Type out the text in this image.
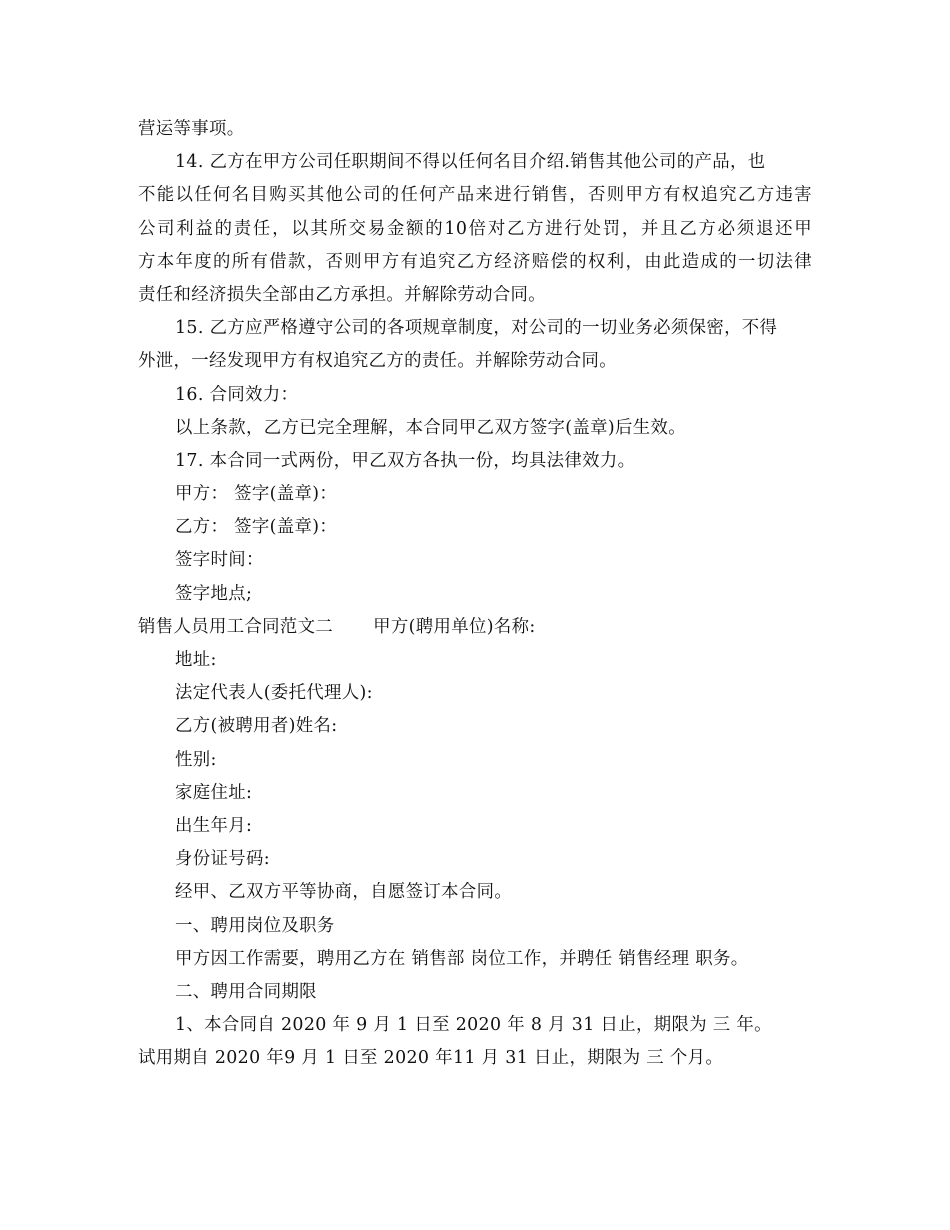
营运等事项。
14. 乙方在甲方公司任职期间不得以任何名目介绍.销售其他公司的产品，也
不能以任何名目购买其他公司的任何产品来进行销售，否则甲方有权追究乙方违害
公司利益的责任，以其所交易金额的10倍对乙方进行处罚，并且乙方必须退还甲
方本年度的所有借款，否则甲方有追究乙方经济赔偿的权利，由此造成的一切法律
责任和经济损失全部由乙方承担。并解除劳动合同。
15. 乙方应严格遵守公司的各项规章制度，对公司的一切业务必须保密，不得
外泄，一经发现甲方有权追究乙方的责任。并解除劳动合同。
16. 合同效力：
以上条款，乙方已完全理解，本合同甲乙双方签字(盖章)后生效。
17. 本合同一式两份，甲乙双方各执一份，均具法律效力。
甲方： 签字(盖章)：
乙方： 签字(盖章)：
签字时间：
签字地点;
销售人员用工合同范文二 甲方(聘用单位)名称:
地址:
法定代表人(委托代理人):
乙方(被聘用者)姓名:
性别:
家庭住址:
出生年月:
身份证号码:
经甲、乙双方平等协商，自愿签订本合同。
一、聘用岗位及职务
甲方因工作需要，聘用乙方在 销售部 岗位工作，并聘任 销售经理 职务。
二、聘用合同期限
1、本合同自 2020 年 9 月 1 日至 2020 年 8 月 31 日止，期限为 三 年。
试用期自 2020 年9 月 1 日至 2020 年11 月 31 日止，期限为 三 个月。
